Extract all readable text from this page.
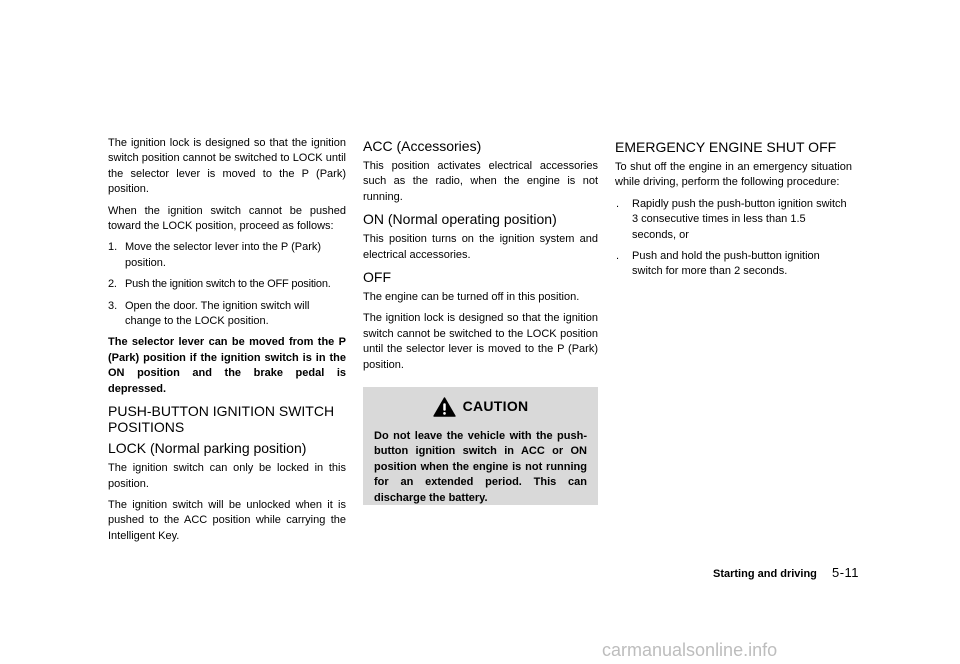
The ignition lock is designed so that the ignition switch position cannot be switched to LOCK until the selector lever is moved to the P (Park) position.

When the ignition switch cannot be pushed toward the LOCK position, proceed as follows:

1. Move the selector lever into the P (Park) position.
2. Push the ignition switch to the OFF position.
3. Open the door. The ignition switch will change to the LOCK position.

The selector lever can be moved from the P (Park) position if the ignition switch is in the ON position and the brake pedal is depressed.

PUSH-BUTTON IGNITION SWITCH POSITIONS
LOCK (Normal parking position)

The ignition switch can only be locked in this position.

The ignition switch will be unlocked when it is pushed to the ACC position while carrying the Intelligent Key.

ACC (Accessories)

This position activates electrical accessories such as the radio, when the engine is not running.

ON (Normal operating position)

This position turns on the ignition system and electrical accessories.

OFF

The engine can be turned off in this position.

The ignition lock is designed so that the ignition switch cannot be switched to the LOCK position until the selector lever is moved to the P (Park) position.

CAUTION

Do not leave the vehicle with the push-button ignition switch in ACC or ON position when the engine is not running for an extended period. This can discharge the battery.

EMERGENCY ENGINE SHUT OFF

To shut off the engine in an emergency situation while driving, perform the following procedure:

. Rapidly push the push-button ignition switch 3 consecutive times in less than 1.5 seconds, or
. Push and hold the push-button ignition switch for more than 2 seconds.
Starting and driving 5-11
carmanualsonline.info
